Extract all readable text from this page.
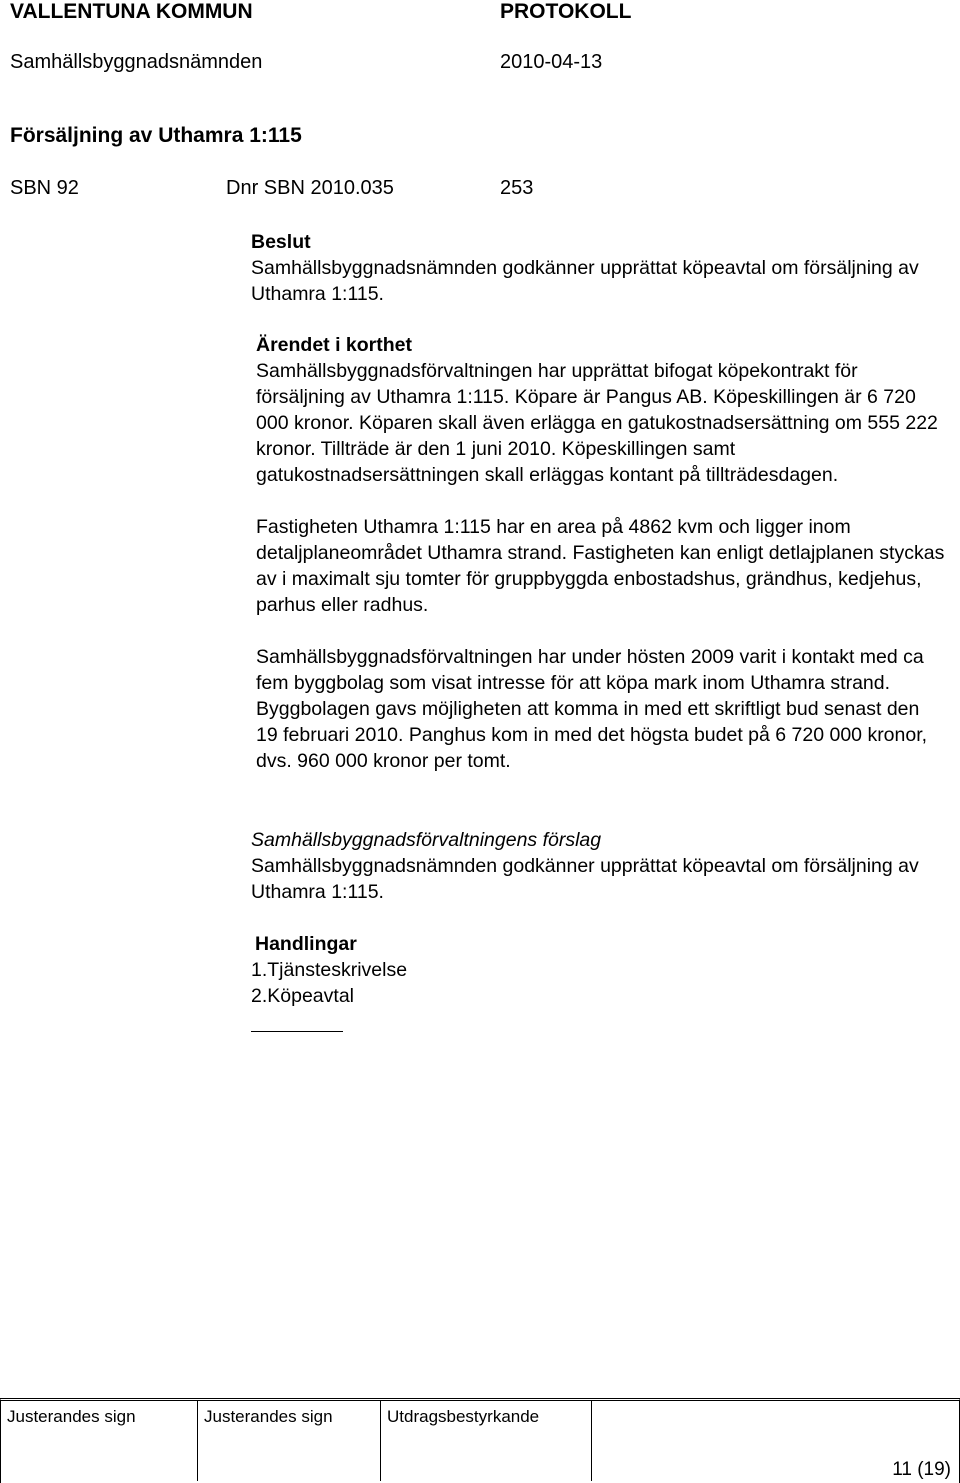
VALLENTUNA KOMMUN	PROTOKOLL
Samhällsbyggnadsnämnden	2010-04-13
Försäljning av Uthamra 1:115
SBN 92	Dnr SBN 2010.035	253

Beslut

Samhällsbyggnadsnämnden godkänner upprättat köpeavtal om försäljning av Uthamra 1:115.

Ärendet i korthet

Samhällsbyggnadsförvaltningen har upprättat bifogat köpekontrakt för försäljning av Uthamra 1:115. Köpare är Pangus AB. Köpeskillingen är 6 720 000 kronor. Köparen skall även erlägga en gatukostnadsersättning om 555 222 kronor. Tillträde är den 1 juni 2010. Köpeskillingen samt gatukostnadsersättningen skall erläggas kontant på tillträdesdagen.

Fastigheten Uthamra 1:115 har en area på 4862 kvm och ligger inom detaljplaneområdet Uthamra strand. Fastigheten kan enligt detlajplanen styckas av i maximalt sju tomter för gruppbyggda enbostadshus, grändhus, kedjehus, parhus eller radhus.

Samhällsbyggnadsförvaltningen har under hösten 2009 varit i kontakt med ca fem byggbolag som visat intresse för att köpa mark inom Uthamra strand. Byggbolagen gavs möjligheten att komma in med ett skriftligt bud senast den 19 februari 2010. Panghus kom in med det högsta budet på 6 720 000 kronor, dvs. 960 000 kronor per tomt.

Samhällsbyggnadsförvaltningens förslag

Samhällsbyggnadsnämnden godkänner upprättat köpeavtal om försäljning av Uthamra 1:115.

Handlingar

1.Tjänsteskrivelse

2.Köpeavtal

Justerandes sign	Justerandes sign	Utdragsbestyrkande
11 (19)
